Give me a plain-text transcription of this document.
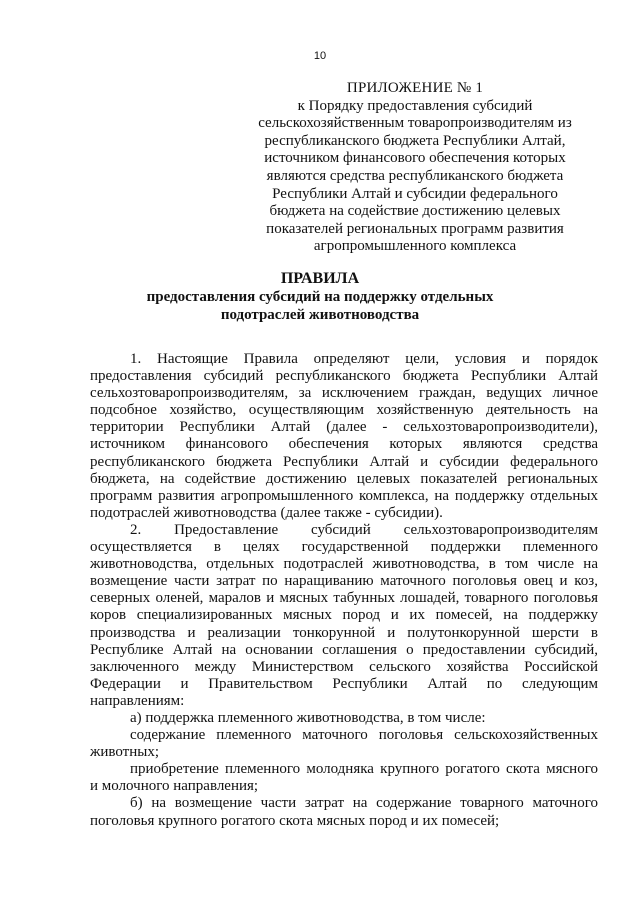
10
ПРИЛОЖЕНИЕ № 1
к Порядку предоставления субсидий
сельскохозяйственным товаропроизводителям из
республиканского бюджета Республики Алтай,
источником финансового обеспечения которых
являются средства республиканского бюджета
Республики Алтай и субсидии федерального
бюджета на содействие достижению целевых
показателей региональных программ развития
агропромышленного комплекса
ПРАВИЛА
предоставления субсидий на поддержку отдельных
подотраслей животноводства
1. Настоящие Правила определяют цели, условия и порядок
предоставления субсидий республиканского бюджета Республики Алтай
сельхозтоваропроизводителям, за исключением граждан, ведущих личное
подсобное хозяйство, осуществляющим хозяйственную деятельность на
территории Республики Алтай (далее - сельхозтоваропроизводители),
источником финансового обеспечения которых являются средства
республиканского бюджета Республики Алтай и субсидии федерального
бюджета, на содействие достижению целевых показателей региональных
программ развития агропромышленного комплекса, на поддержку отдельных
подотраслей животноводства (далее также - субсидии).
2. Предоставление субсидий сельхозтоваропроизводителям
осуществляется в целях государственной поддержки племенного
животноводства, отдельных подотраслей животноводства, в том числе на
возмещение части затрат по наращиванию маточного поголовья овец и коз,
северных оленей, маралов и мясных табунных лошадей, товарного поголовья
коров специализированных мясных пород и их помесей, на поддержку
производства и реализации тонкорунной и полутонкорунной шерсти в
Республике Алтай на основании соглашения о предоставлении субсидий,
заключенного между Министерством сельского хозяйства Российской
Федерации и Правительством Республики Алтай по следующим
направлениям:
а) поддержка племенного животноводства, в том числе:
содержание племенного маточного поголовья сельскохозяйственных
животных;
приобретение племенного молодняка крупного рогатого скота мясного
и молочного направления;
б) на возмещение части затрат на содержание товарного маточного
поголовья крупного рогатого скота мясных пород и их помесей;
